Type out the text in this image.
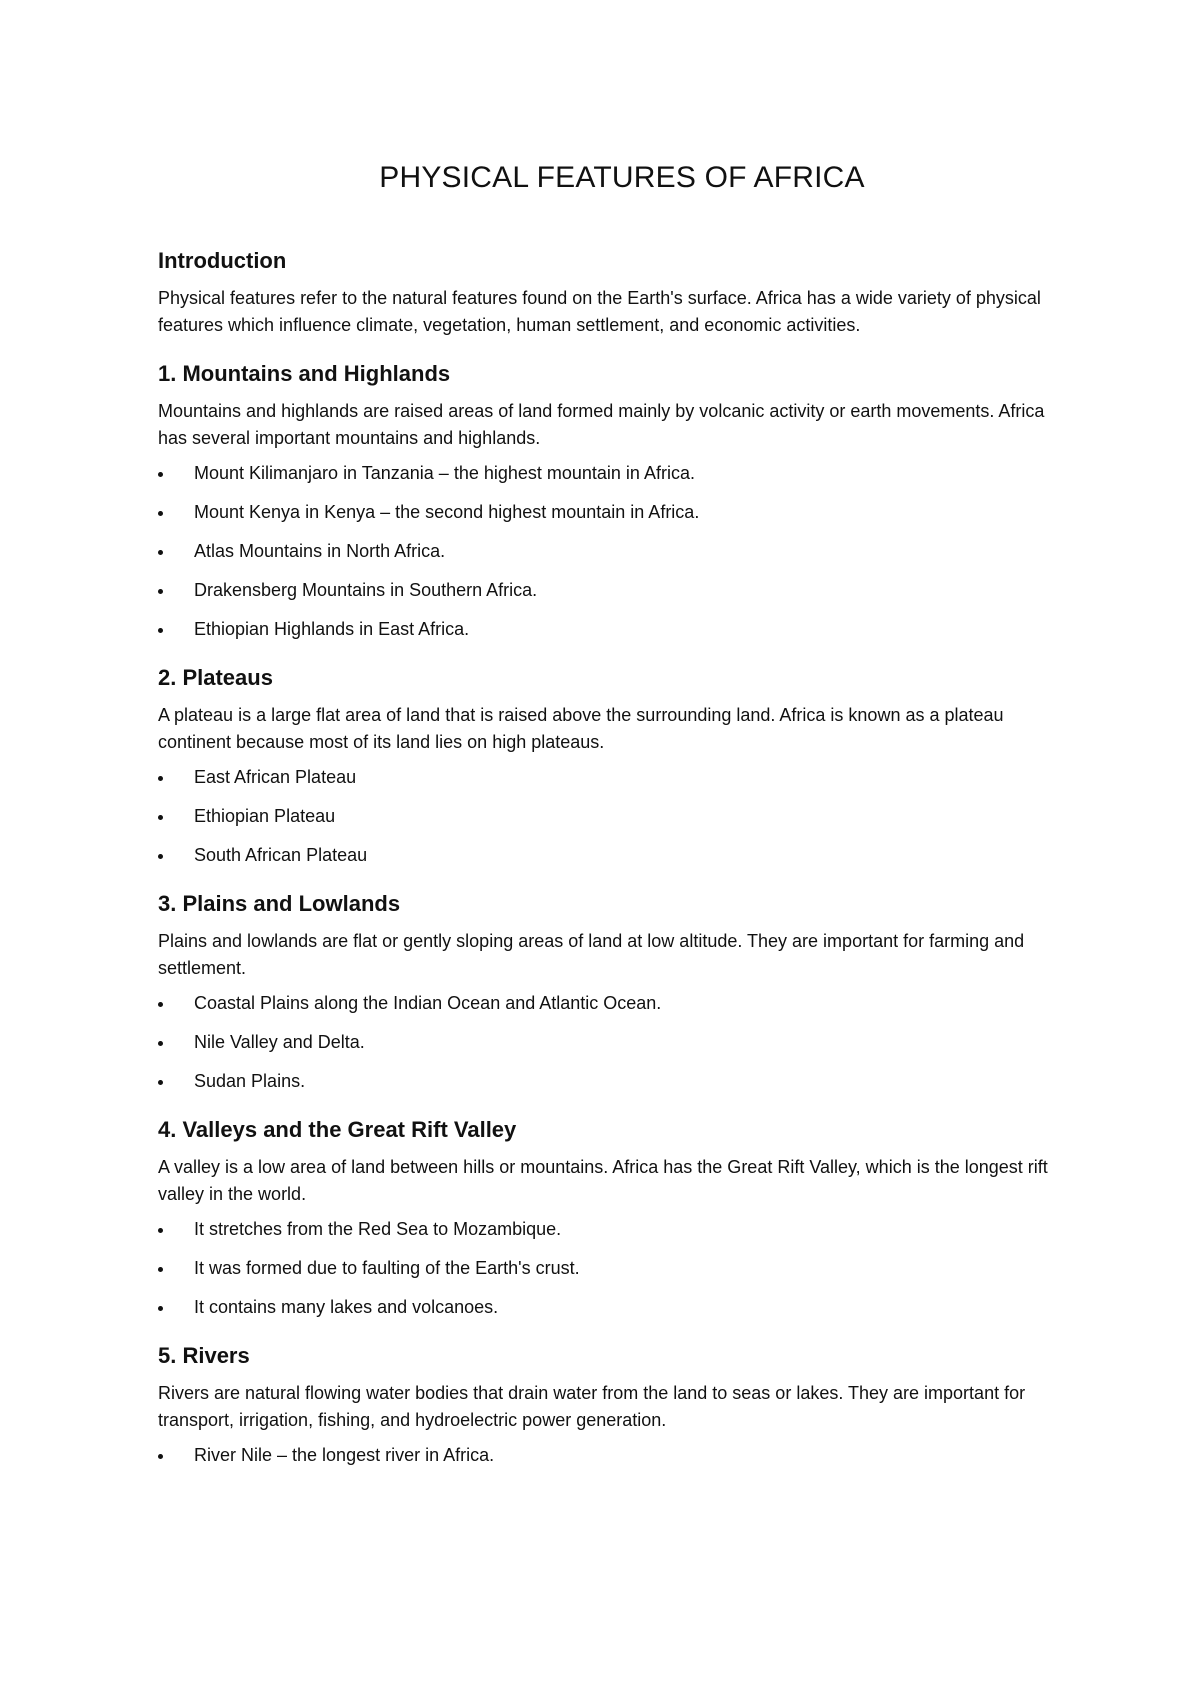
PHYSICAL FEATURES OF AFRICA
Introduction

Physical features refer to the natural features found on the Earth's surface. Africa has a wide variety of physical features which influence climate, vegetation, human settlement, and economic activities.

1. Mountains and Highlands

Mountains and highlands are raised areas of land formed mainly by volcanic activity or earth movements. Africa has several important mountains and highlands.

Mount Kilimanjaro in Tanzania – the highest mountain in Africa.
Mount Kenya in Kenya – the second highest mountain in Africa.
Atlas Mountains in North Africa.
Drakensberg Mountains in Southern Africa.
Ethiopian Highlands in East Africa.
2. Plateaus

A plateau is a large flat area of land that is raised above the surrounding land. Africa is known as a plateau continent because most of its land lies on high plateaus.

East African Plateau
Ethiopian Plateau
South African Plateau
3. Plains and Lowlands

Plains and lowlands are flat or gently sloping areas of land at low altitude. They are important for farming and settlement.

Coastal Plains along the Indian Ocean and Atlantic Ocean.
Nile Valley and Delta.
Sudan Plains.
4. Valleys and the Great Rift Valley

A valley is a low area of land between hills or mountains. Africa has the Great Rift Valley, which is the longest rift valley in the world.

It stretches from the Red Sea to Mozambique.
It was formed due to faulting of the Earth's crust.
It contains many lakes and volcanoes.
5. Rivers

Rivers are natural flowing water bodies that drain water from the land to seas or lakes. They are important for transport, irrigation, fishing, and hydroelectric power generation.

River Nile – the longest river in Africa.
